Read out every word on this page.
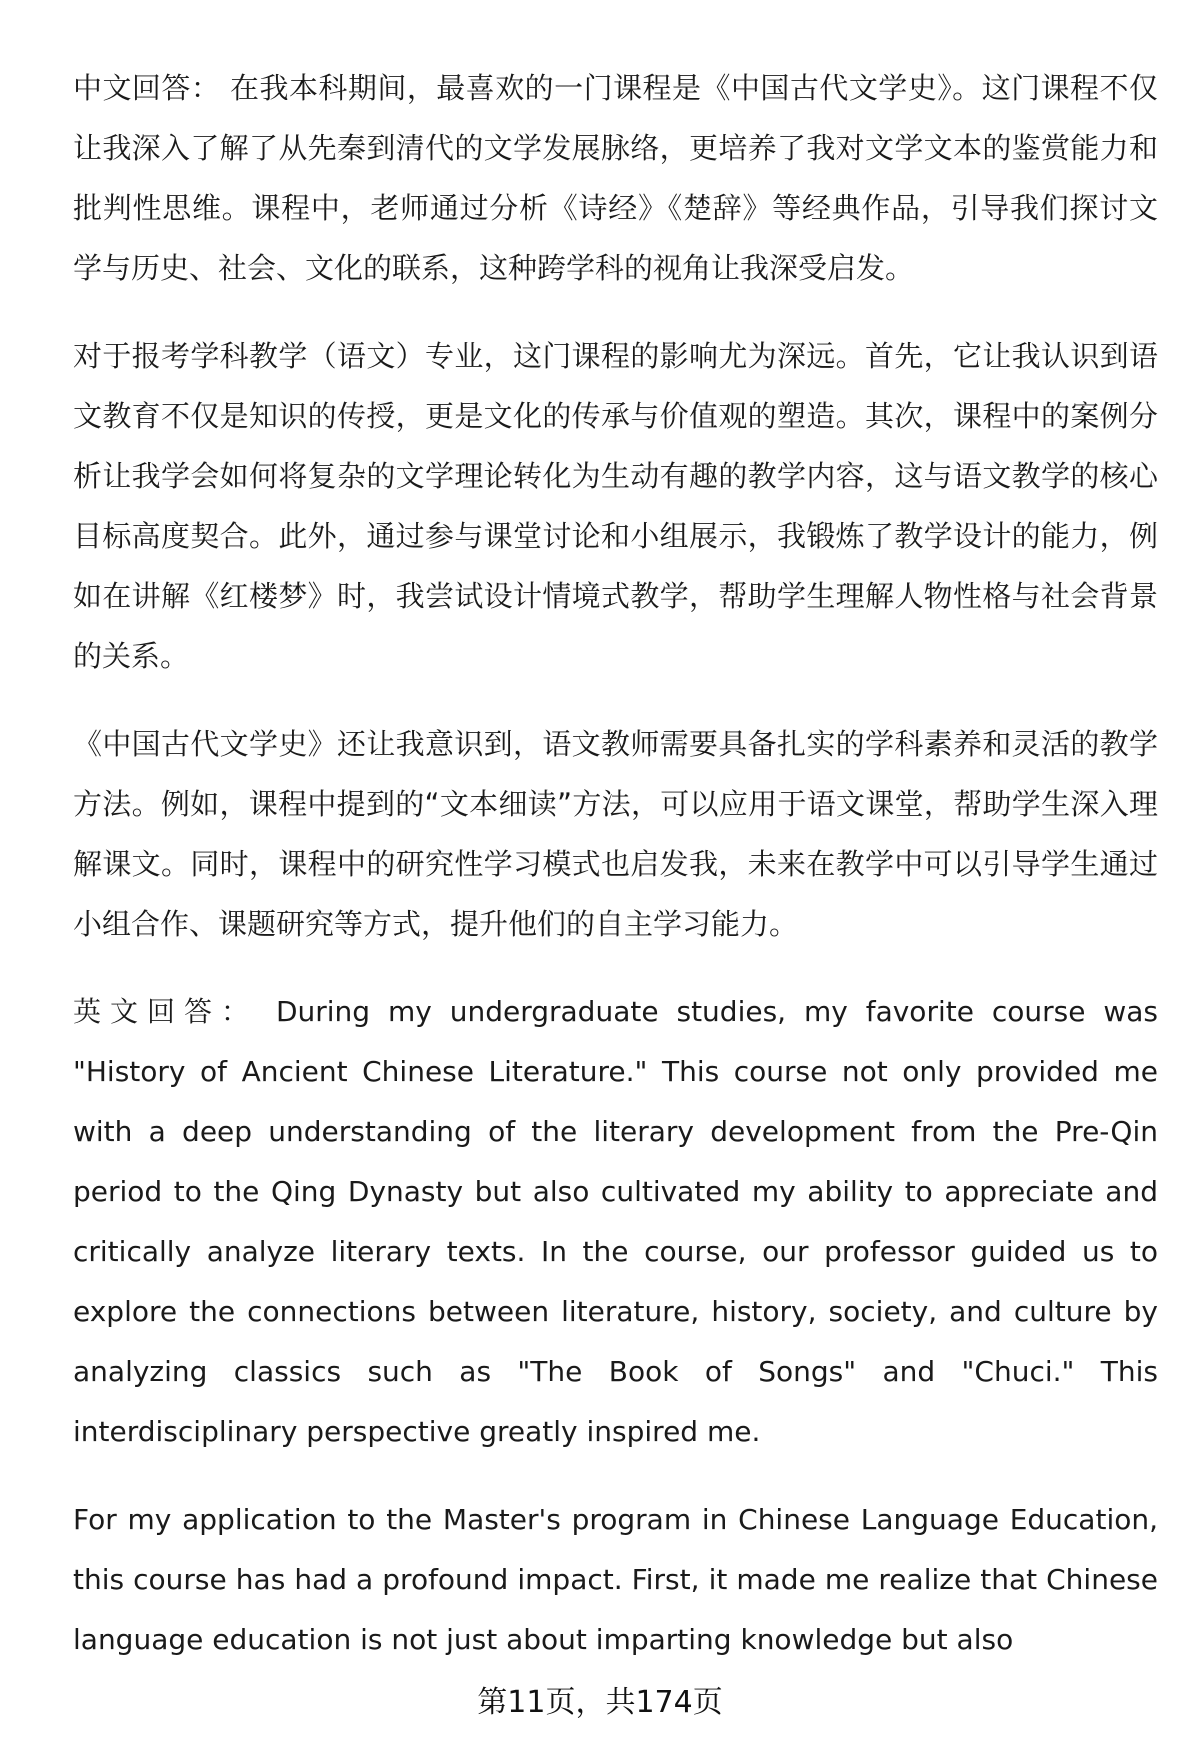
中文回答： 在我本科期间，最喜欢的一门课程是《中国古代文学史》。这门课程不仅让我深入了解了从先秦到清代的文学发展脉络，更培养了我对文学文本的鉴赏能力和批判性思维。课程中，老师通过分析《诗经》《楚辞》等经典作品，引导我们探讨文学与历史、社会、文化的联系，这种跨学科的视角让我深受启发。

对于报考学科教学（语文）专业，这门课程的影响尤为深远。首先，它让我认识到语文教育不仅是知识的传授，更是文化的传承与价值观的塑造。其次，课程中的案例分析让我学会如何将复杂的文学理论转化为生动有趣的教学内容，这与语文教学的核心目标高度契合。此外，通过参与课堂讨论和小组展示，我锻炼了教学设计的能力，例如在讲解《红楼梦》时，我尝试设计情境式教学，帮助学生理解人物性格与社会背景的关系。

《中国古代文学史》还让我意识到，语文教师需要具备扎实的学科素养和灵活的教学方法。例如，课程中提到的“文本细读”方法，可以应用于语文课堂，帮助学生深入理解课文。同时，课程中的研究性学习模式也启发我，未来在教学中可以引导学生通过小组合作、课题研究等方式，提升他们的自主学习能力。

英文回答： During my undergraduate studies, my favorite course was "History of Ancient Chinese Literature." This course not only provided me with a deep understanding of the literary development from the Pre-Qin period to the Qing Dynasty but also cultivated my ability to appreciate and critically analyze literary texts. In the course, our professor guided us to explore the connections between literature, history, society, and culture by analyzing classics such as "The Book of Songs" and "Chuci." This interdisciplinary perspective greatly inspired me.

For my application to the Master's program in Chinese Language Education, this course has had a profound impact. First, it made me realize that Chinese language education is not just about imparting knowledge but also

第11页，共174页
